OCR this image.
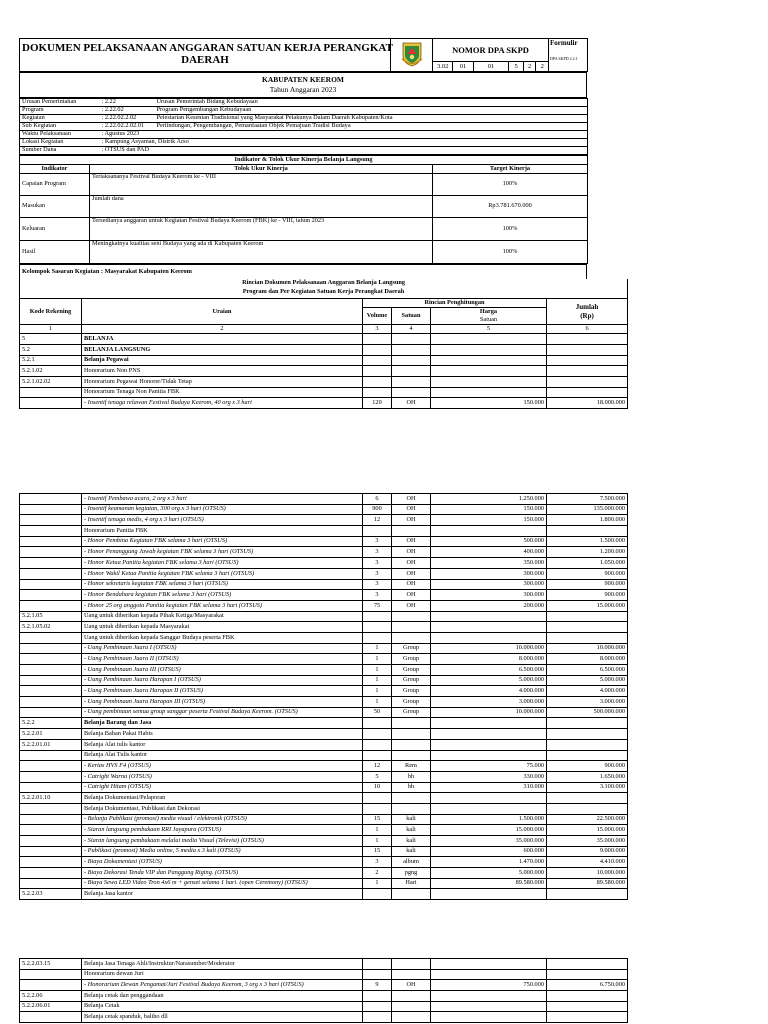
DOKUMEN PELAKSANAAN ANGGARAN SATUAN KERJA PERANGKAT
DAERAH		
NOMOR DPA SKPD
3.02	01	01	5	2	2

Formulir
DPA SKPD 2.2.1
KABUPATEN KEEROM
Tahun Anggaran 2023
Urusan Pemerintahan	: 2.22	Urusan Pemerintah Bidang Kebudayaan
Program	: 2.22.02	Program Pengembangan Kebudayaan
Kegiatan	: 2.22.02.2.02	Pelestarian Kesenian Tradisional yang Masyarakat Pelakunya Dalam Daerah Kabupaten/Kota
Sub Kegiatan	: 2.22.02.2.02.01	Perlindungan, Pengembangan, Pemanfaatan Objek Pemajuan Tradisi Budaya
Waktu Pelaksanaan	: Agustus 2023	
Lokasi Kegiatan	: Kampung Asyaman, Distrik Arso	
Sumber Dana	: OTSUS dan PAD	
Indikator & Tolok Ukur Kinerja Belanja Langsung		
Indikator	Tolok Ukur Kinerja	Target Kinerja
Capaian Program	Terlaksananya Festival Budaya Keerom ke - VIII	100%
Masukan	Jumlah dana	Rp3.781.670.000
Keluaran	Tersedianya anggaran untuk Kegiatan Festival Budaya Keerom (FBK) ke - VIII, tahun 2023	100%
Hasil	Meningkatnya kualitas seni Budaya yang ada di Kabupaten Keerom	100%
Kelompok Sasaran Kegiatan : Masyarakat Kabupaten Keerom
Rincian Dokumen Pelaksanaan Anggaran Belanja Langsung
Program dan Per Kegiatan Satuan Kerja Perangkat Daerah					
Kode Rekening	Uraian	Rincian Penghitungan			Jumlah
(Rp)
		Volume	Satuan	Harga
Satuan	
1	2	3	4	5	6
5	BELANJA				
5.2	BELANJA LANGSUNG				
5.2.1	Belanja Pegawai				
5.2.1.02	Honorarium Non PNS				
5.2.1.02.02	Honorarium Pegawai Honorer/Tidak Tetap				
	Honorarium Tenaga Non Panitia FBK				
	- Insentif tenaga relawan Festival Budaya Keerom, 40 org x 3 hari	120	OH	150.000	18.000.000
	- Insentif Pembawa acara, 2 org x 3 hari	6	OH	1.250.000	7.500.000
	- Insentif keamanan kegiatan, 300 org x 3 hari (OTSUS)	900	OH	150.000	135.000.000
	- Insentif tenaga medis, 4 org x 3 hari (OTSUS)	12	OH	150.000	1.800.000
	Honorarium Panitia FBK				
	- Honor Pembina Kegiatan FBK selama 3 hari (OTSUS)	3	OH	500.000	1.500.000
	- Honor Penanggung Jawab kegiatan FBK selama 3 hari (OTSUS)	3	OH	400.000	1.200.000
	- Honor Ketua Panitia kegiatan FBK selama 3 hari (OTSUS)	3	OH	350.000	1.050.000
	- Honor Wakil Ketua Panitia kegiatan FBK selama 3 hari (OTSUS)	3	OH	300.000	900.000
	- Honor sekretaris kegiatan FBK selama 3 hari (OTSUS)	3	OH	300.000	900.000
	- Honor Bendahara kegiatan FBK selama 3 hari (OTSUS)	3	OH	300.000	900.000
	- Honor 25 org anggota Panitia kegiatan FBK selama 3 hari (OTSUS)	75	OH	200.000	15.000.000
5.2.1.05	Uang untuk diberikan kepada Pihak Ketiga/Masyarakat				
5.2.1.05.02	Uang untuk diberikan kepada Masyarakat				
	Uang untuk diberikan kepada Sanggar Budaya peserta FBK				
	- Uang Pembinaan Juara I (OTSUS)	1	Group	10.000.000	10.000.000
	- Uang Pembinaan Juara II (OTSUS)	1	Group	8.000.000	8.000.000
	- Uang Pembinaan Juara III (OTSUS)	1	Group	6.500.000	6.500.000
	- Uang Pembinaan Juara Harapan I (OTSUS)	1	Group	5.000.000	5.000.000
	- Uang Pembinaan Juara Harapan II (OTSUS)	1	Group	4.000.000	4.000.000
	- Uang Pembinaan Juara Harapan III (OTSUS)	1	Group	3.000.000	3.000.000
	- Uang pembinaan semua group sanggar peserta Festival Budaya Keerom. (OTSUS)	50	Group	10.000.000	500.000.000
5.2.2	Belanja Barang dan Jasa				
5.2.2.01	Belanja Bahan Pakai Habis				
5.2.2.01.01	Belanja Alat tulis kantor				
	Belanja Alat Tulis kantor				
	- Kertas HVS F4 (OTSUS)	12	Rem	75.000	900.000
	- Catright Warna (OTSUS)	5	bh	330.000	1.650.000
	- Catright Hitam (OTSUS)	10	bh	310.000	3.100.000
5.2.2.01.10	Belanja Dokumentasi/Pelaporan				
	Belanja Dokumentasi, Publikasi dan Dekorasi				
	- Belanja Publikasi (promosi) media visual / elektronik (OTSUS)	15	kali	1.500.000	22.500.000
	- Siaran langsung pembukaan RRI Jayapura (OTSUS)	1	kali	15.000.000	15.000.000
	- Siaran langsung pembukaan melalui media Visual (Televisi) (OTSUS)	1	kali	35.000.000	35.000.000
	- Publikasi (promosi) Media online, 5 media x 3 kali (OTSUS)	15	kali	600.000	9.000.000
	- Biaya Dokumentasi (OTSUS)	3	album	1.470.000	4.410.000
	- Biaya Dekorasi Tenda VIP dan Panggung Riging. (OTSUS)	2	pgng	5.000.000	10.000.000
	- Biaya Sewa LED Video Tron 4x6 m + genset selama 1 hari. (open Ceremony) (OTSUS)	1	Hari	89.580.000	89.580.000
5.2.2.03	Belanja Jasa kantor				
5.2.2.03.15	Belanja Jasa Tenaga Ahli/Instruktur/Narasumber/Moderator				
	Honorarium dewan Juri				
	- Honorarium Dewan Pengamat/Juri Festival Budaya Keerom, 3 org x 3 hari (OTSUS)	9	OH	750.000	6.750.000
5.2.2.06	Belanja cetak dan penggandaan				
5.2.2.06.01	Belanja Cetak				
	Belanja cetak spanduk, baliho dll				
